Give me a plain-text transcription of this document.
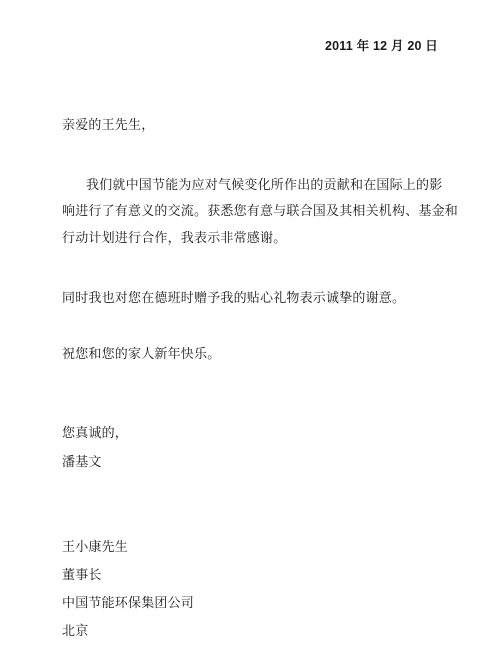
2011 年 12 月 20 日
亲爱的王先生，
我们就中国节能为应对气候变化所作出的贡献和在国际上的影
响进行了有意义的交流。获悉您有意与联合国及其相关机构、基金和
行动计划进行合作，我表示非常感谢。
同时我也对您在德班时赠予我的贴心礼物表示诚挚的谢意。
祝您和您的家人新年快乐。
您真诚的，
潘基文
王小康先生
董事长
中国节能环保集团公司
北京
